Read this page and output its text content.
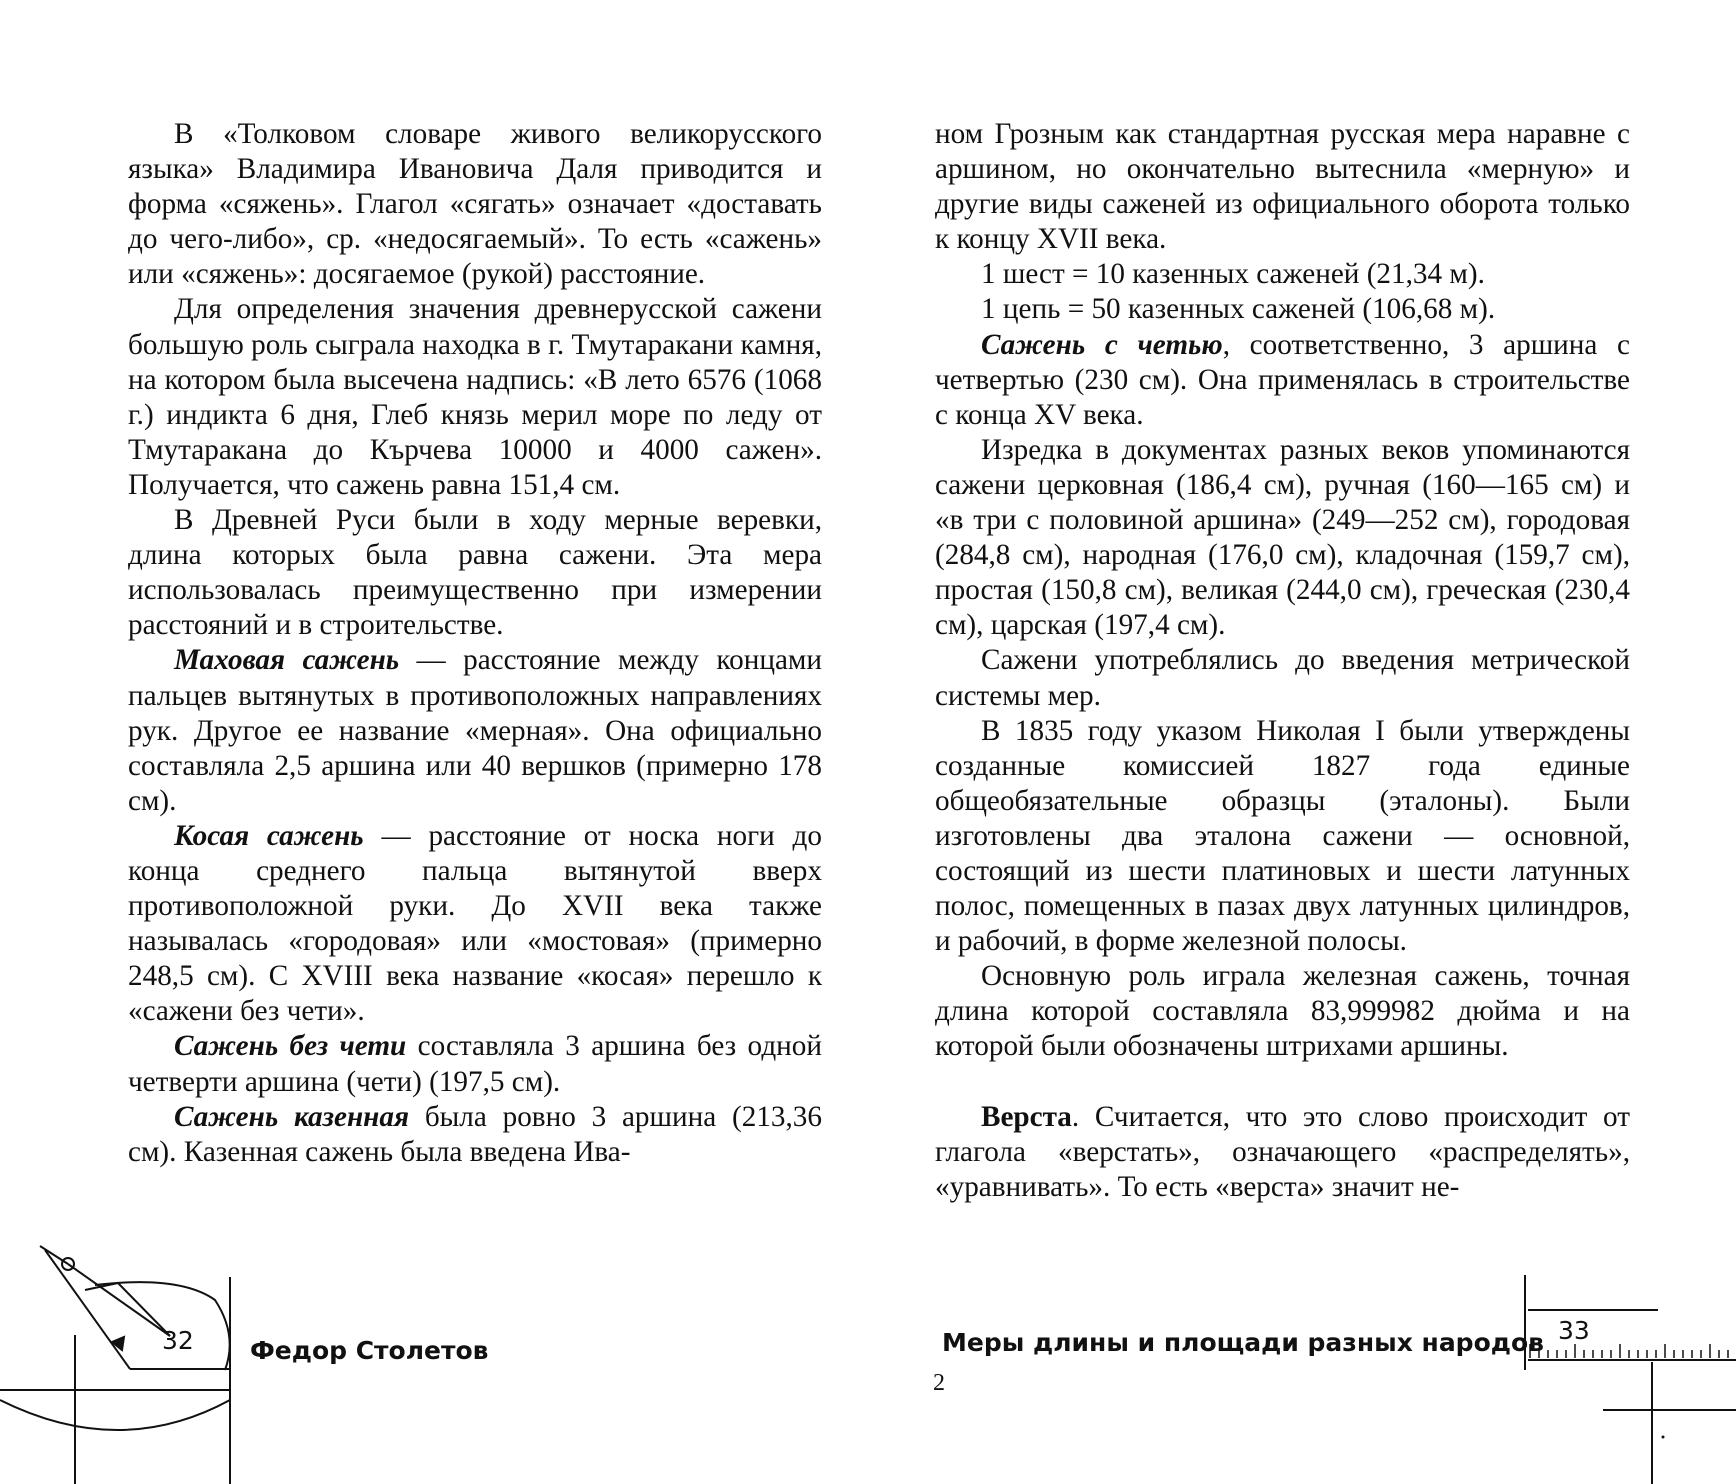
В «Толковом словаре живого великорусского языка» Владимира Ивановича Даля приводится и форма «сяжень». Глагол «сягать» означает «доставать до чего-либо», ср. «недосягаемый». То есть «сажень» или «сяжень»: досягаемое (рукой) расстояние.

Для определения значения древнерусской сажени большую роль сыграла находка в г. Тмутаракани камня, на котором была высечена надпись: «В лето 6576 (1068 г.) индикта 6 дня, Глеб князь мерил море по леду от Тмутаракана до Кърчева 10000 и 4000 сажен». Получается, что сажень равна 151,4 см.

В Древней Руси были в ходу мерные веревки, длина которых была равна сажени. Эта мера использовалась преимущественно при измерении расстояний и в строительстве.

Маховая сажень — расстояние между концами пальцев вытянутых в противоположных направлениях рук. Другое ее название «мерная». Она официально составляла 2,5 аршина или 40 вершков (примерно 178 см).

Косая сажень — расстояние от носка ноги до конца среднего пальца вытянутой вверх противоположной руки. До XVII века также называлась «городовая» или «мостовая» (примерно 248,5 см). С XVIII века название «косая» перешло к «сажени без чети».

Сажень без чети составляла 3 аршина без одной четверти аршина (чети) (197,5 см).

Сажень казенная была ровно 3 аршина (213,36 см). Казенная сажень была введена Ива-

32 Федор Столетов

ном Грозным как стандартная русская мера наравне с аршином, но окончательно вытеснила «мерную» и другие виды саженей из официального оборота только к концу XVII века.

1 шест = 10 казенных саженей (21,34 м).

1 цепь = 50 казенных саженей (106,68 м).

Сажень с четью, соответственно, 3 аршина с четвертью (230 см). Она применялась в строительстве с конца XV века.

Изредка в документах разных веков упоминаются сажени церковная (186,4 см), ручная (160—165 см) и «в три с половиной аршина» (249—252 см), городовая (284,8 см), народная (176,0 см), кладочная (159,7 см), простая (150,8 см), великая (244,0 см), греческая (230,4 см), царская (197,4 см).

Сажени употреблялись до введения метрической системы мер.

В 1835 году указом Николая I были утверждены созданные комиссией 1827 года единые общеобязательные образцы (эталоны). Были изготовлены два эталона сажени — основной, состоящий из шести платиновых и шести латунных полос, помещенных в пазах двух латунных цилиндров, и рабочий, в форме железной полосы.

Основную роль играла железная сажень, точная длина которой составляла 83,999982 дюйма и на которой были обозначены штрихами аршины.

Верста. Считается, что это слово происходит от глагола «верстать», означающего «распределять», «уравнивать». То есть «верста» значит не-

Меры длины и площади разных народов 33
2
